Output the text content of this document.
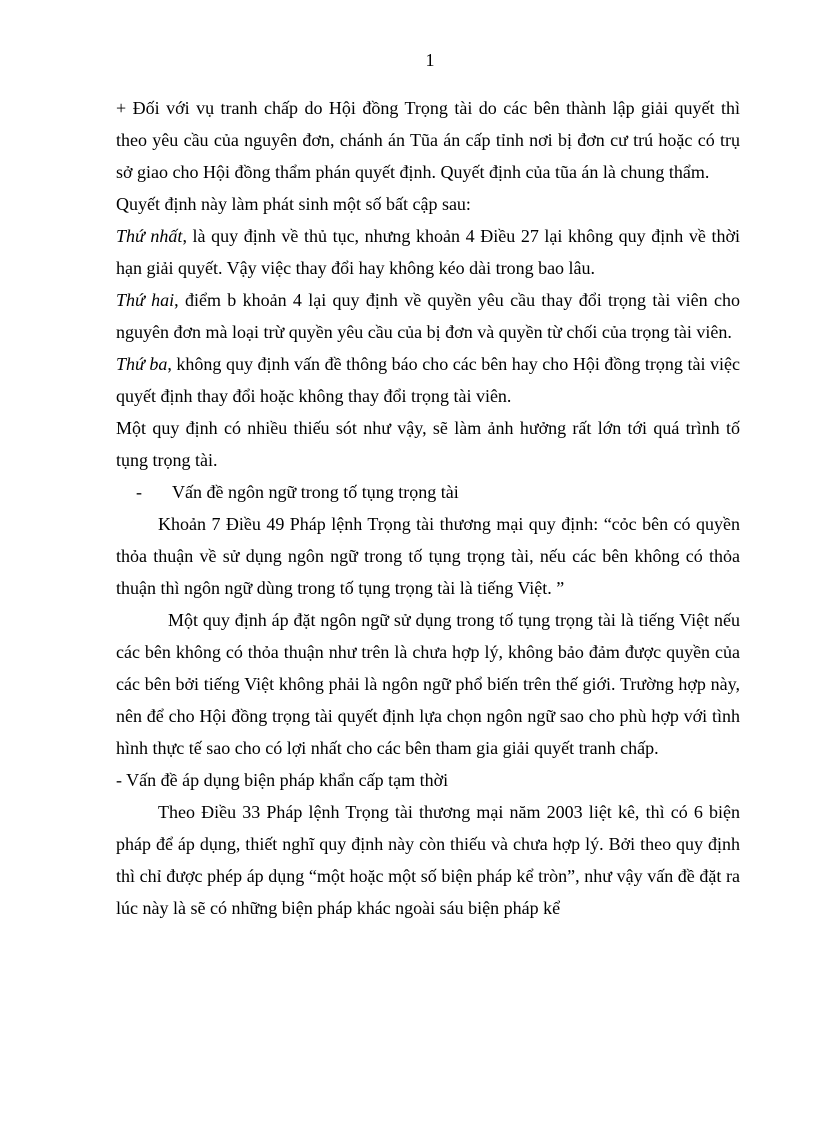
1

+ Đối với vụ tranh chấp do Hội đồng Trọng tài do các bên thành lập giải quyết thì theo yêu cầu của nguyên đơn, chánh án Tũa án cấp tỉnh nơi bị đơn cư trú hoặc có trụ sở giao cho Hội đồng thẩm phán quyết định. Quyết định của tũa án là chung thẩm.

Quyết định này làm phát sinh một số bất cập sau:

Thứ nhất, là quy định về thủ tục, nhưng khoản 4 Điều 27 lại không quy định về thời hạn giải quyết. Vậy việc thay đổi hay không kéo dài trong bao lâu.

Thứ hai, điểm b khoản 4 lại quy định về quyền yêu cầu thay đổi trọng tài viên cho nguyên đơn mà loại trừ quyền yêu cầu của bị đơn và quyền từ chối của trọng tài viên.

Thứ ba, không quy định vấn đề thông báo cho các bên hay cho Hội đồng trọng tài việc quyết định thay đổi hoặc không thay đổi trọng tài viên.

Một quy định có nhiều thiếu sót như vậy, sẽ làm ảnh hưởng rất lớn tới quá trình tố tụng trọng tài.

-	Vấn đề ngôn ngữ trong tố tụng trọng tài

Khoản 7 Điều 49 Pháp lệnh Trọng tài thương mại quy định: “cỏc bên có quyền thỏa thuận về sử dụng ngôn ngữ trong tố tụng trọng tài, nếu các bên không có thỏa thuận thì ngôn ngữ dùng trong tố tụng trọng tài là tiếng Việt. ”

Một quy định áp đặt ngôn ngữ sử dụng trong tố tụng trọng tài là tiếng Việt nếu các bên không có thỏa thuận như trên là chưa hợp lý, không bảo đảm được quyền của các bên bởi tiếng Việt không phải là ngôn ngữ phổ biến trên thế giới. Trường hợp này, nên để cho Hội đồng trọng tài quyết định lựa chọn ngôn ngữ sao cho phù hợp với tình hình thực tế sao cho có lợi nhất cho các bên tham gia giải quyết tranh chấp.

- Vấn đề áp dụng biện pháp khẩn cấp tạm thời

Theo Điều 33 Pháp lệnh Trọng tài thương mại năm 2003 liệt kê, thì có 6 biện pháp để áp dụng, thiết nghĩ quy định này còn thiếu và chưa hợp lý. Bởi theo quy định thì chỉ được phép áp dụng “một hoặc một số biện pháp kể tròn”, như vậy vấn đề đặt ra lúc này là sẽ có những biện pháp khác ngoài sáu biện pháp kể
